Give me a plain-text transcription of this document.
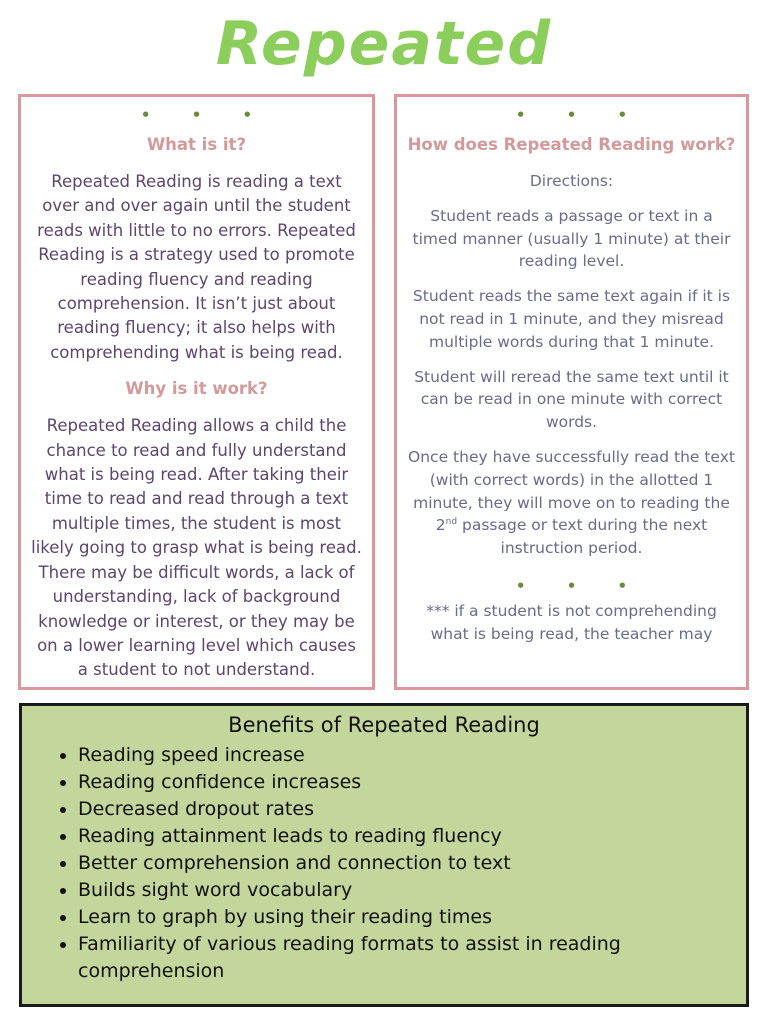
Repeated
• • •
What is it?

Repeated Reading is reading a text over and over again until the student reads with little to no errors. Repeated Reading is a strategy used to promote reading fluency and reading comprehension. It isn’t just about reading fluency; it also helps with comprehending what is being read.

Why is it work?

Repeated Reading allows a child the chance to read and fully understand what is being read. After taking their time to read and read through a text multiple times, the student is most likely going to grasp what is being read. There may be difficult words, a lack of understanding, lack of background knowledge or interest, or they may be on a lower learning level which causes a student to not understand.

• • •
How does Repeated Reading work?

Directions:

Student reads a passage or text in a timed manner (usually 1 minute) at their reading level.

Student reads the same text again if it is not read in 1 minute, and they misread multiple words during that 1 minute.

Student will reread the same text until it can be read in one minute with correct words.

Once they have successfully read the text (with correct words) in the allotted 1 minute, they will move on to reading the 2nd passage or text during the next instruction period.

• • •

*** if a student is not comprehending what is being read, the teacher may

Benefits of Repeated Reading
• Reading speed increase
• Reading confidence increases
• Decreased dropout rates
• Reading attainment leads to reading fluency
• Better comprehension and connection to text
• Builds sight word vocabulary
• Learn to graph by using their reading times
• Familiarity of various reading formats to assist in reading comprehension
